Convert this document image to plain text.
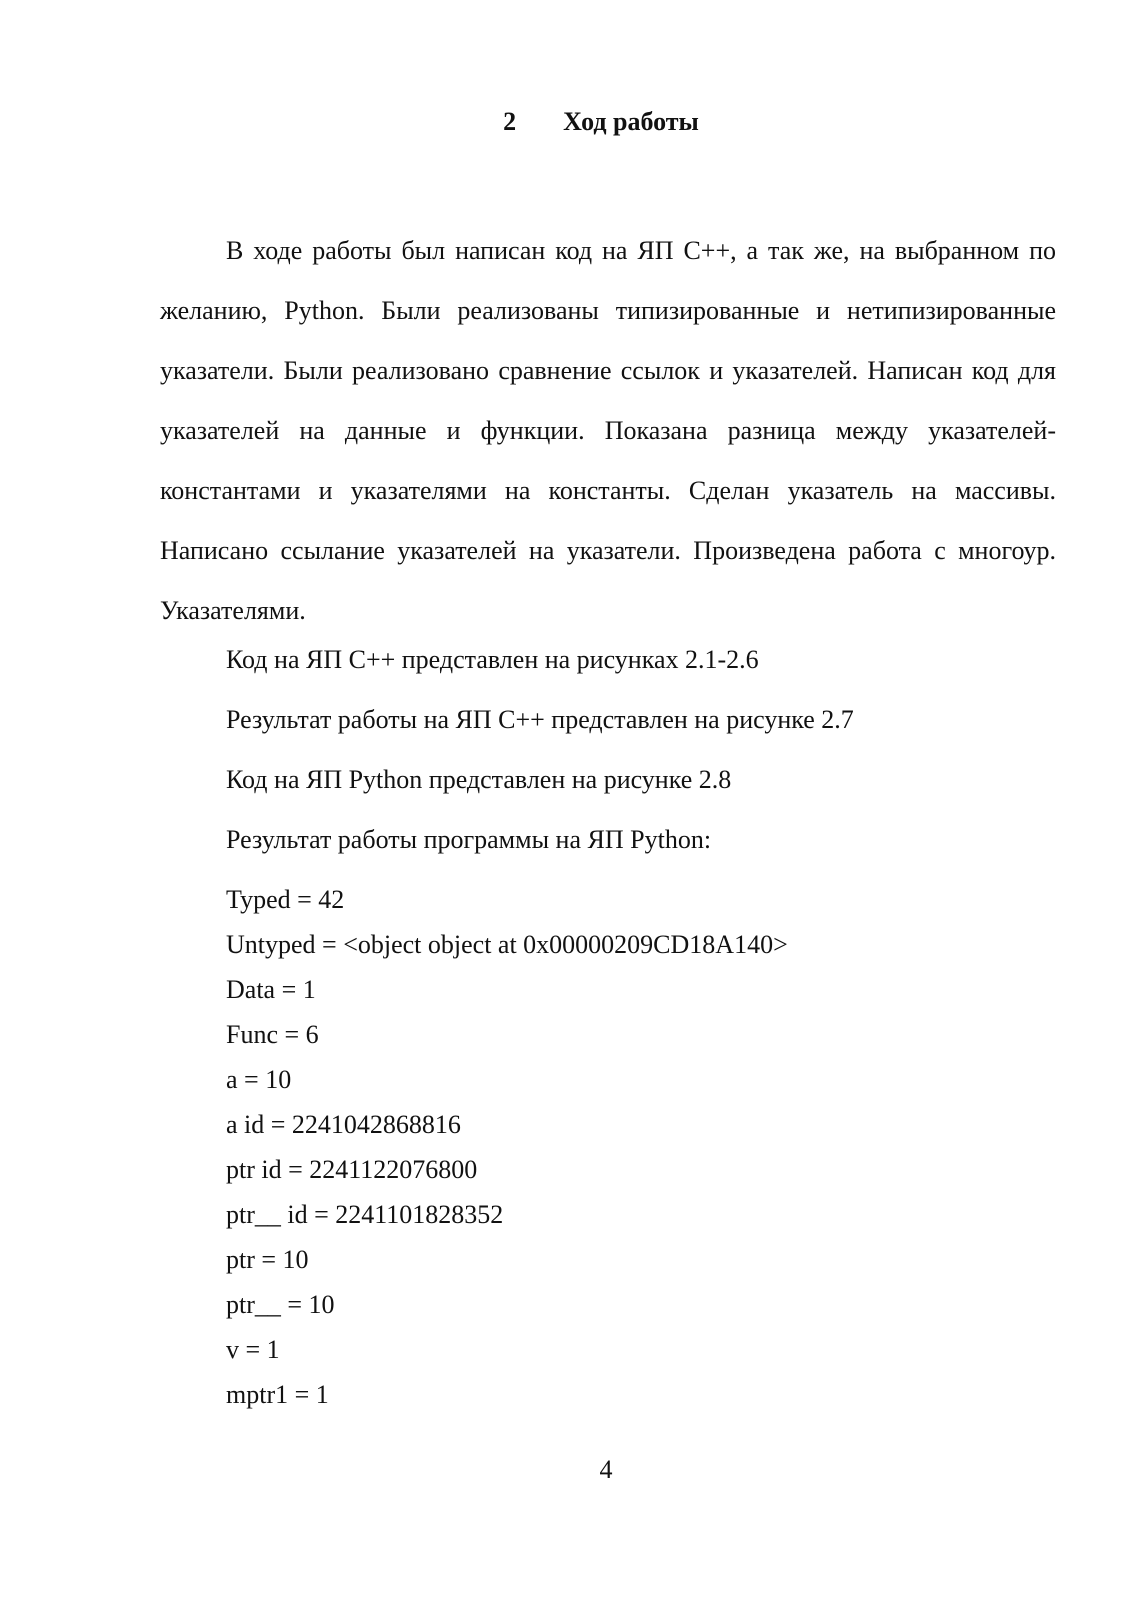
2 Ход работы

В ходе работы был написан код на ЯП С++, а так же, на выбранном по желанию, Python. Были реализованы типизированные и нетипизированные указатели. Были реализовано сравнение ссылок и указателей. Написан код для указателей на данные и функции. Показана разница между указателей-константами и указателями на константы. Сделан указатель на массивы. Написано ссылание указателей на указатели. Произведена работа с многоур. Указателями.

Код на ЯП С++ представлен на рисунках 2.1-2.6

Результат работы на ЯП С++ представлен на рисунке 2.7

Код на ЯП Python представлен на рисунке 2.8

Результат работы программы на ЯП Python:

Typed = 42

Untyped = <object object at 0x00000209CD18A140>

Data = 1

Func = 6

a = 10

a id = 2241042868816

ptr id = 2241122076800

ptr__ id = 2241101828352

ptr = 10

ptr__ = 10

v = 1

mptr1 = 1

4
